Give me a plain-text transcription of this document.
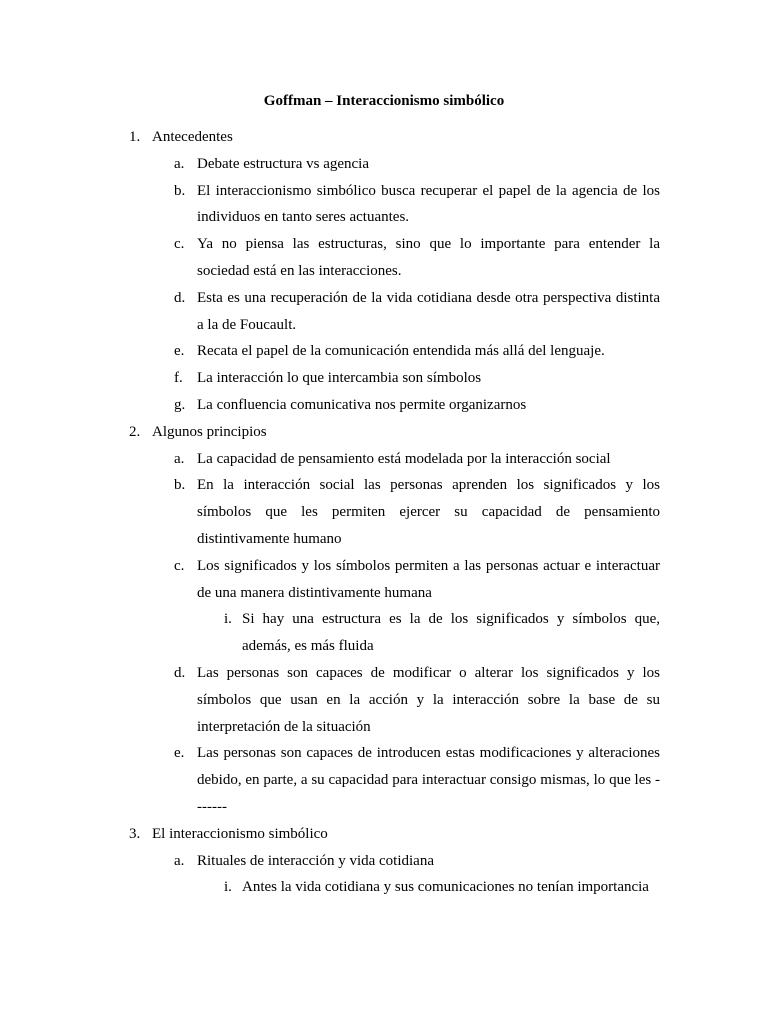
Goffman – Interaccionismo simbólico
1. Antecedentes
a. Debate estructura vs agencia
b. El interaccionismo simbólico busca recuperar el papel de la agencia de los individuos en tanto seres actuantes.
c. Ya no piensa las estructuras, sino que lo importante para entender la sociedad está en las interacciones.
d. Esta es una recuperación de la vida cotidiana desde otra perspectiva distinta a la de Foucault.
e. Recata el papel de la comunicación entendida más allá del lenguaje.
f. La interacción lo que intercambia son símbolos
g. La confluencia comunicativa nos permite organizarnos
2. Algunos principios
a. La capacidad de pensamiento está modelada por la interacción social
b. En la interacción social las personas aprenden los significados y los símbolos que les permiten ejercer su capacidad de pensamiento distintivamente humano
c. Los significados y los símbolos permiten a las personas actuar e interactuar de una manera distintivamente humana
i. Si hay una estructura es la de los significados y símbolos que, además, es más fluida
d. Las personas son capaces de modificar o alterar los significados y los símbolos que usan en la acción y la interacción sobre la base de su interpretación de la situación
e. Las personas son capaces de introducen estas modificaciones y alteraciones debido, en parte, a su capacidad para interactuar consigo mismas, lo que les -------
3. El interaccionismo simbólico
a. Rituales de interacción y vida cotidiana
i. Antes la vida cotidiana y sus comunicaciones no tenían importancia
